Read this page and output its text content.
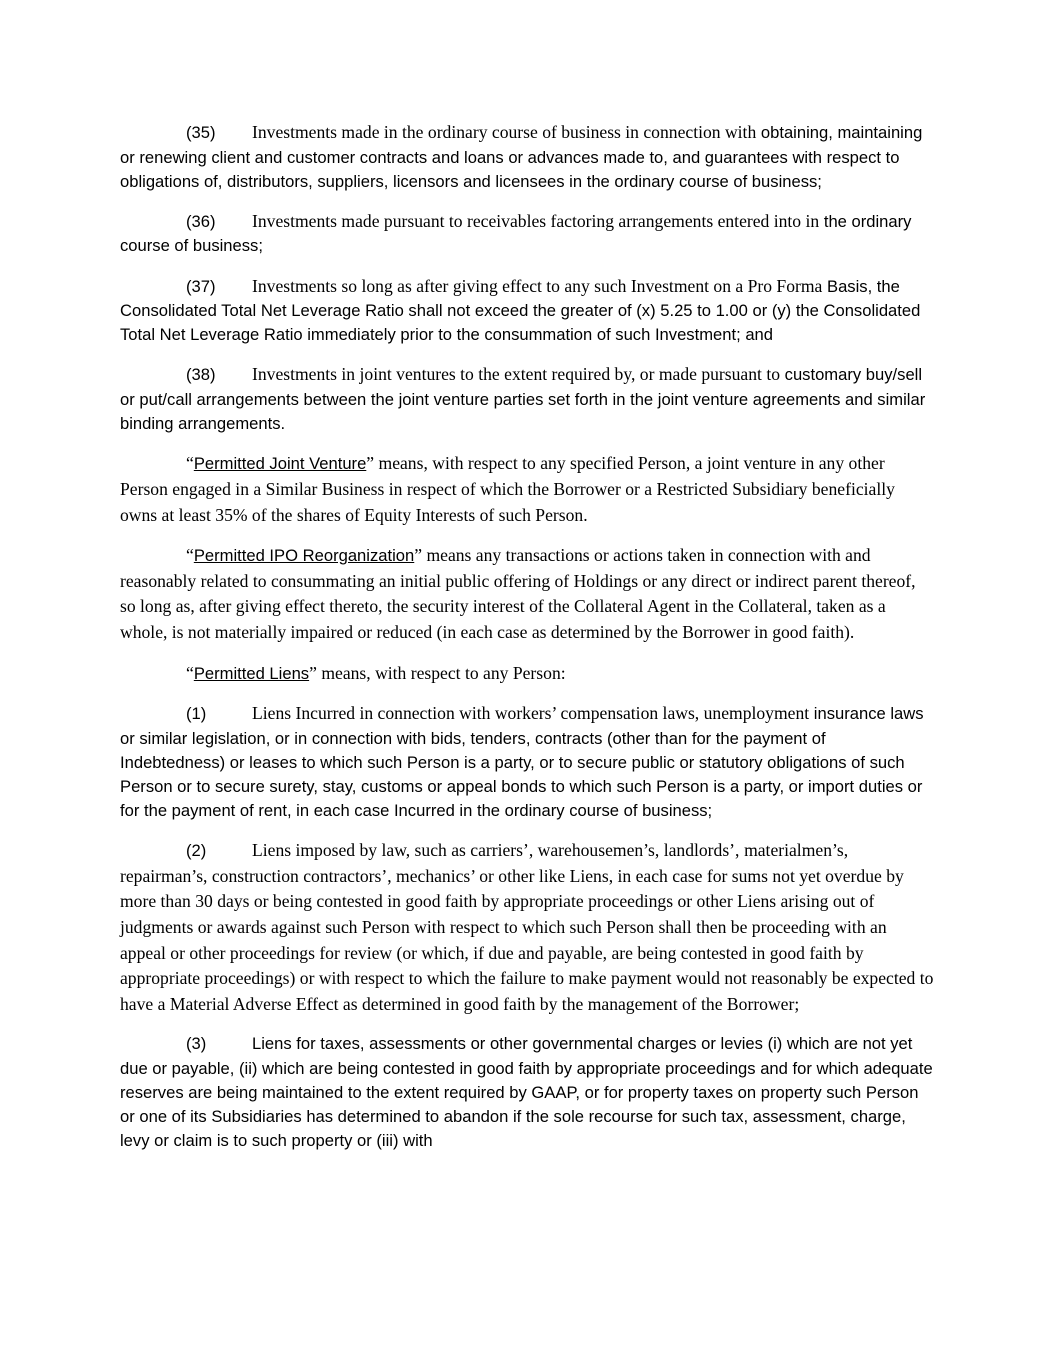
(35) Investments made in the ordinary course of business in connection with obtaining, maintaining or renewing client and customer contracts and loans or advances made to, and guarantees with respect to obligations of, distributors, suppliers, licensors and licensees in the ordinary course of business;

(36) Investments made pursuant to receivables factoring arrangements entered into in the ordinary course of business;

(37) Investments so long as after giving effect to any such Investment on a Pro Forma Basis, the Consolidated Total Net Leverage Ratio shall not exceed the greater of (x) 5.25 to 1.00 or (y) the Consolidated Total Net Leverage Ratio immediately prior to the consummation of such Investment; and

(38) Investments in joint ventures to the extent required by, or made pursuant to customary buy/sell or put/call arrangements between the joint venture parties set forth in the joint venture agreements and similar binding arrangements.

“Permitted Joint Venture” means, with respect to any specified Person, a joint venture in any other Person engaged in a Similar Business in respect of which the Borrower or a Restricted Subsidiary beneficially owns at least 35% of the shares of Equity Interests of such Person.

“Permitted IPO Reorganization” means any transactions or actions taken in connection with and reasonably related to consummating an initial public offering of Holdings or any direct or indirect parent thereof, so long as, after giving effect thereto, the security interest of the Collateral Agent in the Collateral, taken as a whole, is not materially impaired or reduced (in each case as determined by the Borrower in good faith).

“Permitted Liens” means, with respect to any Person:

(1)	Liens Incurred in connection with workers’ compensation laws, unemployment insurance laws or similar legislation, or in connection with bids, tenders, contracts (other than for the payment of Indebtedness) or leases to which such Person is a party, or to secure public or statutory obligations of such Person or to secure surety, stay, customs or appeal bonds to which such Person is a party, or import duties or for the payment of rent, in each case Incurred in the ordinary course of business;

(2)	Liens imposed by law, such as carriers’, warehousemen’s, landlords’, materialmen’s, repairman’s, construction contractors’, mechanics’ or other like Liens, in each case for sums not yet overdue by more than 30 days or being contested in good faith by appropriate proceedings or other Liens arising out of judgments or awards against such Person with respect to which such Person shall then be proceeding with an appeal or other proceedings for review (or which, if due and payable, are being contested in good faith by appropriate proceedings) or with respect to which the failure to make payment would not reasonably be expected to have a Material Adverse Effect as determined in good faith by the management of the Borrower;

(3)	Liens for taxes, assessments or other governmental charges or levies (i) which are not yet due or payable, (ii) which are being contested in good faith by appropriate proceedings and for which adequate reserves are being maintained to the extent required by GAAP, or for property taxes on property such Person or one of its Subsidiaries has determined to abandon if the sole recourse for such tax, assessment, charge, levy or claim is to such property or (iii) with
